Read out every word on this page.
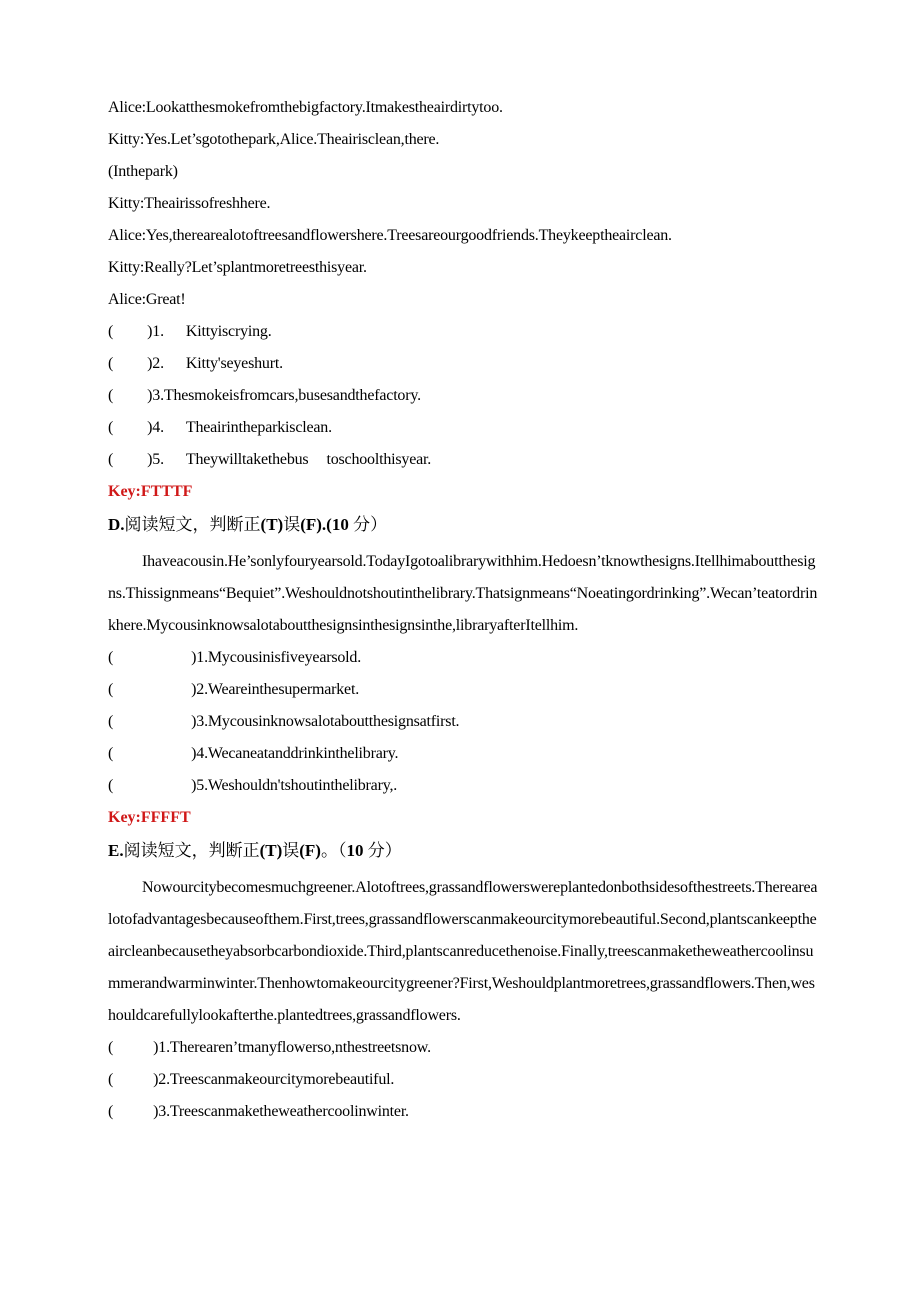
Alice:Lookatthesmokefromthebigfactory.Itmakestheairdirtytoo.
Kitty:Yes.Let’sgotothepark,Alice.Theairisclean,there.
(Inthepark)
Kitty:Theairissofreshhere.
Alice:Yes,therearealotoftreesandflowershere.Treesareourgoodfriends.Theykeeptheairclean.
Kitty:Really?Let’splantmoretreesthisyear.
Alice:Great!
( )1. Kittyiscrying.
( )2. Kitty'seyeshurt.
( )3. Thesmokeisfromcars,busesandthefactory.
( )4. Theairintheparkisclean.
( )5. Theywilltakethebus toschoolthisyear.
Key:FTTTF
D.阅读短文，判断正(T)误(F).(10 分）
Ihaveacousin.He’sonlyfouryearsold.TodayIgotoalibrarywithhim.Hedoesn’tknowthesigns.Itellhimaboutthesigns.Thissignmeans“Bequiet”.Weshouldnotshoutinthelibrary.Thatsignmeans“Noeatingordrinking”.Wecan’teatordrinkhere.Mycousinknowsalotaboutthesignsinthesignsinthe,libraryafterItellhim.
(	)1. Mycousinisfiveyearsold.
(	)2. Weareinthesupermarket.
(	)3. Mycousinknowsalotaboutthesignsatfirst.
(	)4. Wecaneatanddrinkinthelibrary.
(	)5. Weshouldn'tshoutinthelibrary,.
Key:FFFFT
E.阅读短文，判断正(T)误(F)。（10 分）
Nowourcitybecomesmuchgreener.Alotoftrees,grassandflowerswereplantedonbothsidesofthestreets.Therearealotofadvantagesbecauseofthem.First,trees,grassandflowerscanmakeourcitymorebeautiful.Second,plantscankeeptheaircleanbecausetheyabsorbcarbondioxide.Third,plantscanreducethenoise.Finally,treescanmaketheweathercoolinsummerandwarminwinter.Thenhowtomakeourcitygreener?First,Weshouldplantmoretrees,grassandflowers.Then,weshouldcarefullylookafterthe.plantedtrees,grassandflowers.
(	)1. Therearen’tmanyflowerso,nthestreetsnow.
(	)2. Treescanmakeourcitymorebeautiful.
(	)3. Treescanmaketheweathercoolinwinter.
